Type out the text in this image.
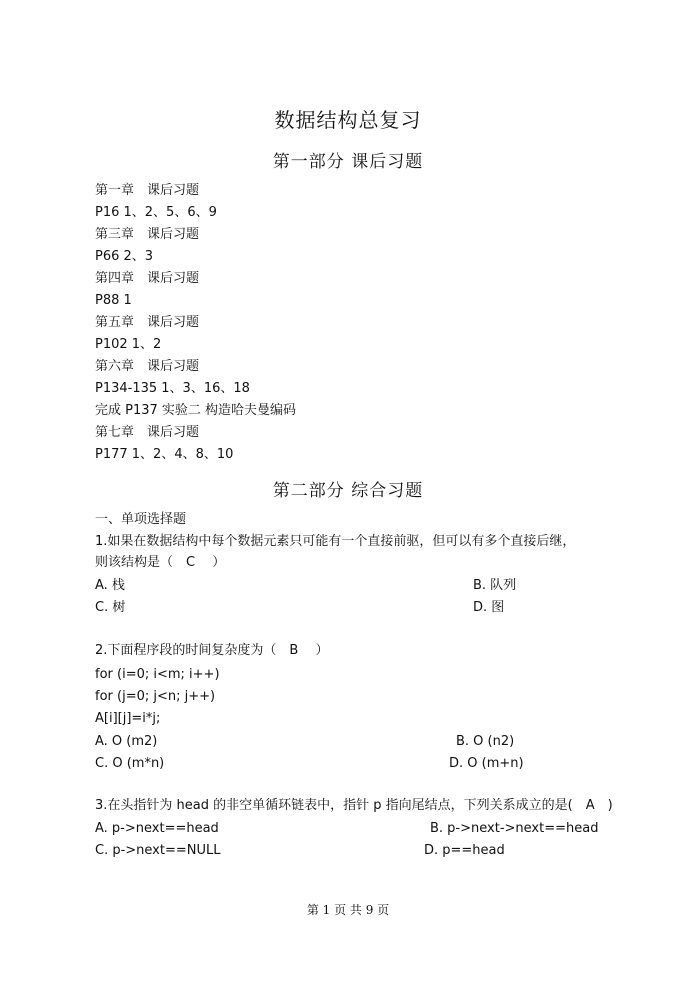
数据结构总复习
第一部分 课后习题
第一章　课后习题
P16 1、2、5、6、9
第三章　课后习题
P66 2、3
第四章　课后习题
P88 1
第五章　课后习题
P102 1、2
第六章　课后习题
P134-135 1、3、16、18
完成 P137 实验二 构造哈夫曼编码
第七章　课后习题
P177 1、2、4、8、10
第二部分 综合习题
一、单项选择题
1.如果在数据结构中每个数据元素只可能有一个直接前驱，但可以有多个直接后继，
则该结构是（　C　 ）
A. 栈	B. 队列
C. 树	D. 图
2.下面程序段的时间复杂度为（　B　 ）
for (i=0; i<m; i++)
for (j=0; j<n; j++)
A[i][j]=i*j;
A. O (m2)	B. O (n2)
C. O (m*n)	D. O (m+n)
3.在头指针为 head 的非空单循环链表中，指针 p 指向尾结点，下列关系成立的是(　A　)
A. p->next==head	B. p->next->next==head
C. p->next==NULL	D. p==head
第 1 页 共 9 页
